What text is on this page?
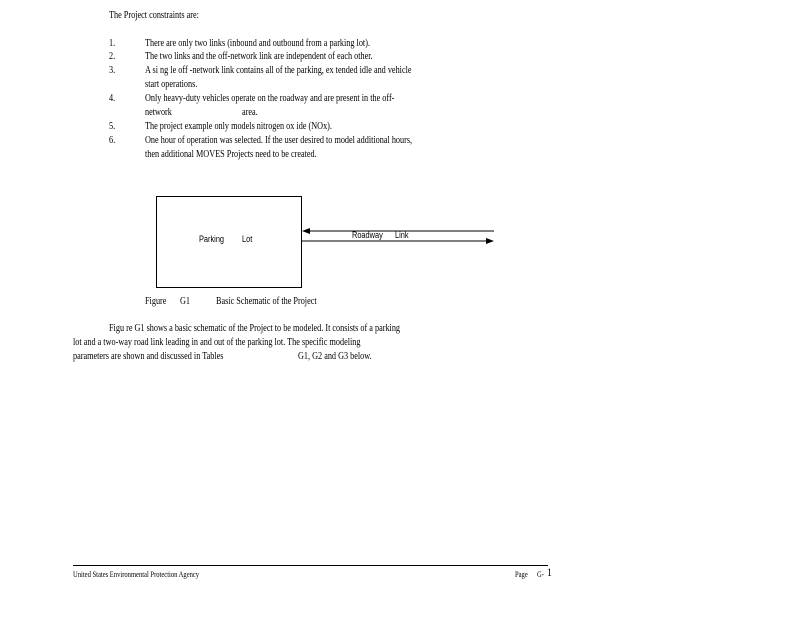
The Project constraints are:
1.	There are only two links (inbound and outbound from a parking lot).
2.	The two links and the off-network link are independent of each other.
3.	A si ng le off -network link contains all of the parking, ex tended idle and vehicle
start operations.
4.	Only heavy-duty vehicles operate on the roadway and are present in the off-
network	area.
5.	The project example only models nitrogen ox ide (NOx).
6.	One hour of operation was selected. If the user desired to model additional hours,
then additional MOVES Projects need to be created.
Parking Lot	Roadway Link
Figure G1	Basic Schematic of the Project
Figu re G1 shows a basic schematic of the Project to be modeled. It consists of a parking
lot and a two-way road link leading in and out of the parking lot. The specific modeling
parameters are shown and discussed in Tables	G1, G2 and G3 below.
United States Environmental Protection Agency	Page G- 1
